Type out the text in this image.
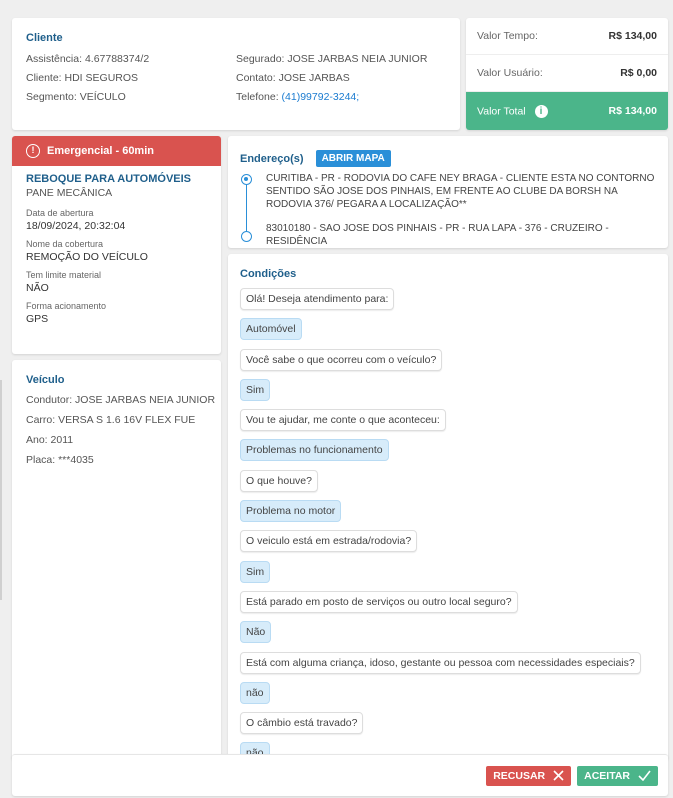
Cliente
Assistência: 4.67788374/2
Cliente: HDI SEGUROS
Segmento: VEÍCULO
Segurado: JOSE JARBAS NEIA JUNIOR
Contato: JOSE JARBAS
Telefone: (41)99792-3244;
Valor Tempo:	R$ 134,00
Valor Usuário:	R$ 0,00
Valor Total i	R$ 134,00
!	Emergencial - 60min
REBOQUE PARA AUTOMÓVEIS
PANE MECÂNICA
Data de abertura
18/09/2024, 20:32:04
Nome da cobertura
REMOÇÃO DO VEÍCULO
Tem limite material
NÃO
Forma acionamento
GPS
Veículo
Condutor: JOSE JARBAS NEIA JUNIOR
Carro: VERSA S 1.6 16V FLEX FUE
Ano: 2011
Placa: ***4035
Endereço(s)	ABRIR MAPA
CURITIBA - PR - RODOVIA DO CAFE NEY BRAGA - CLIENTE ESTA NO CONTORNO SENTIDO SÃO JOSE DOS PINHAIS, EM FRENTE AO CLUBE DA BORSH NA RODOVIA 376/ PEGARA A LOCALIZAÇÃO**
83010180 - SAO JOSE DOS PINHAIS - PR - RUA LAPA - 376 - CRUZEIRO - RESIDÊNCIA
Condições
Olá! Deseja atendimento para:
Automóvel
Você sabe o que ocorreu com o veículo?
Sim
Vou te ajudar, me conte o que aconteceu:
Problemas no funcionamento
O que houve?
Problema no motor
O veiculo está em estrada/rodovia?
Sim
Está parado em posto de serviços ou outro local seguro?
Não
Está com alguma criança, idoso, gestante ou pessoa com necessidades especiais?
não
O câmbio está travado?
RECUSAR	ACEITAR
